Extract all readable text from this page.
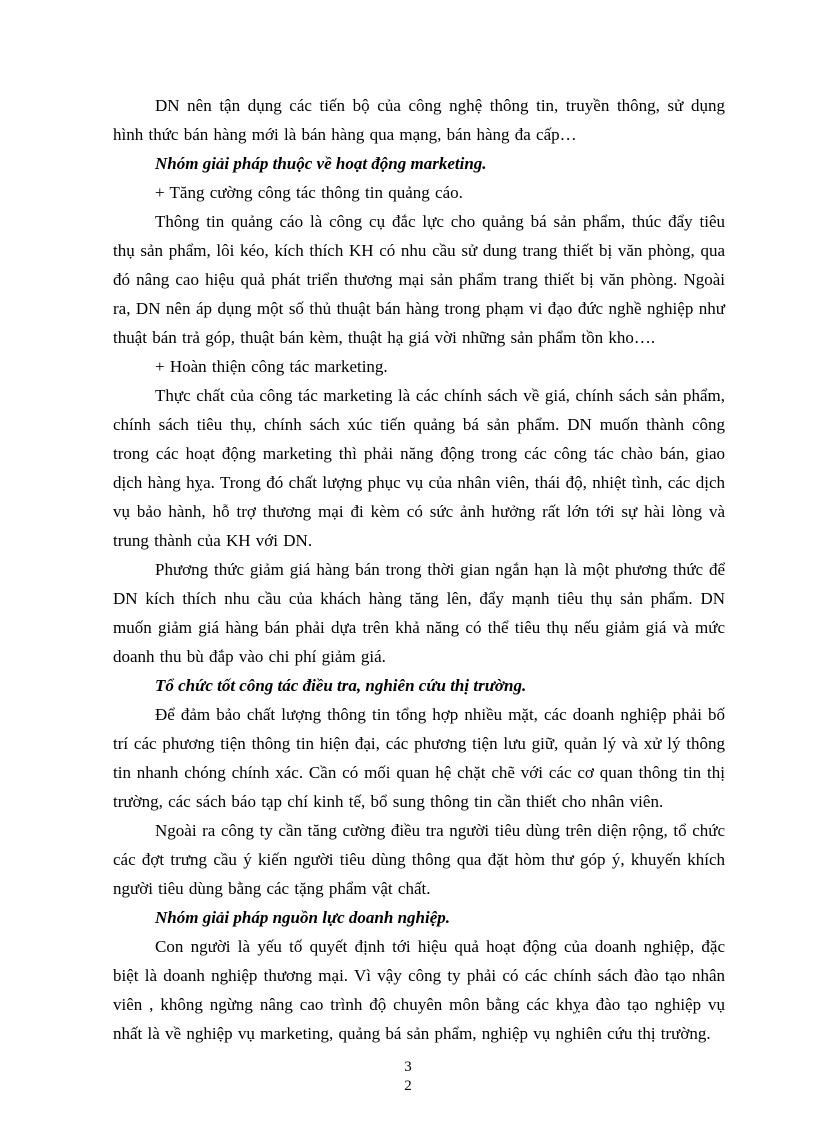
DN nên tận dụng các tiến bộ của công nghệ thông tin, truyền thông, sử dụng hình thức bán hàng mới là bán hàng qua mạng, bán hàng đa cấp…

Nhóm giải pháp thuộc về hoạt động marketing.

+ Tăng cường công tác thông tin quảng cáo.

Thông tin quảng cáo là công cụ đắc lực cho quảng bá sản phẩm, thúc đẩy tiêu thụ sản phẩm, lôi kéo, kích thích KH có nhu cầu sử dung trang thiết bị văn phòng, qua đó nâng cao hiệu quả phát triển thương mại sản phẩm trang thiết bị văn phòng. Ngoài ra, DN nên áp dụng một số thủ thuật bán hàng trong phạm vi đạo đức nghề nghiệp như thuật bán trả góp, thuật bán kèm, thuật hạ giá vời những sản phẩm tồn kho….

+ Hoàn thiện công tác marketing.

Thực chất của công tác marketing là các chính sách về giá, chính sách sản phẩm, chính sách tiêu thụ, chính sách xúc tiến quảng bá sản phẩm. DN muốn thành công trong các hoạt động marketing thì phải năng động trong các công tác chào bán, giao dịch hàng hỵa. Trong đó chất lượng phục vụ của nhân viên, thái độ, nhiệt tình, các dịch vụ bảo hành, hỗ trợ thương mại đi kèm có sức ảnh hưởng rất lớn tới sự hài lòng và trung thành của KH với DN.

Phương thức giảm giá hàng bán trong thời gian ngắn hạn là một phương thức để DN kích thích nhu cầu của khách hàng tăng lên, đẩy mạnh tiêu thụ sản phẩm. DN muốn giảm giá hàng bán phải dựa trên khả năng có thể tiêu thụ nếu giảm giá và mức doanh thu bù đắp vào chi phí giảm giá.

Tổ chức tốt công tác điều tra, nghiên cứu thị trường.

Để đảm bảo chất lượng thông tin tổng hợp nhiều mặt, các doanh nghiệp phải bố trí các phương tiện thông tin hiện đại, các phương tiện lưu giữ, quản lý và xử lý thông tin nhanh chóng chính xác. Cần có mối quan hệ chặt chẽ với các cơ quan thông tin thị trường, các sách báo tạp chí kinh tế, bổ sung thông tin cần thiết cho nhân viên.

Ngoài ra công ty cần tăng cường điều tra người tiêu dùng trên diện rộng, tổ chức các đợt trưng cầu ý kiến người tiêu dùng thông qua đặt hòm thư góp ý, khuyến khích người tiêu dùng bằng các tặng phẩm vật chất.

Nhóm giải pháp nguồn lực doanh nghiệp.

Con người là yếu tố quyết định tới hiệu quả hoạt động của doanh nghiệp, đặc biệt là doanh nghiệp thương mại. Vì vậy công ty phải có các chính sách đào tạo nhân viên , không ngừng nâng cao trình độ chuyên môn bằng các khỵa đào tạo nghiệp vụ nhất là về nghiệp vụ marketing, quảng bá sản phẩm, nghiệp vụ nghiên cứu thị trường.

3
2
